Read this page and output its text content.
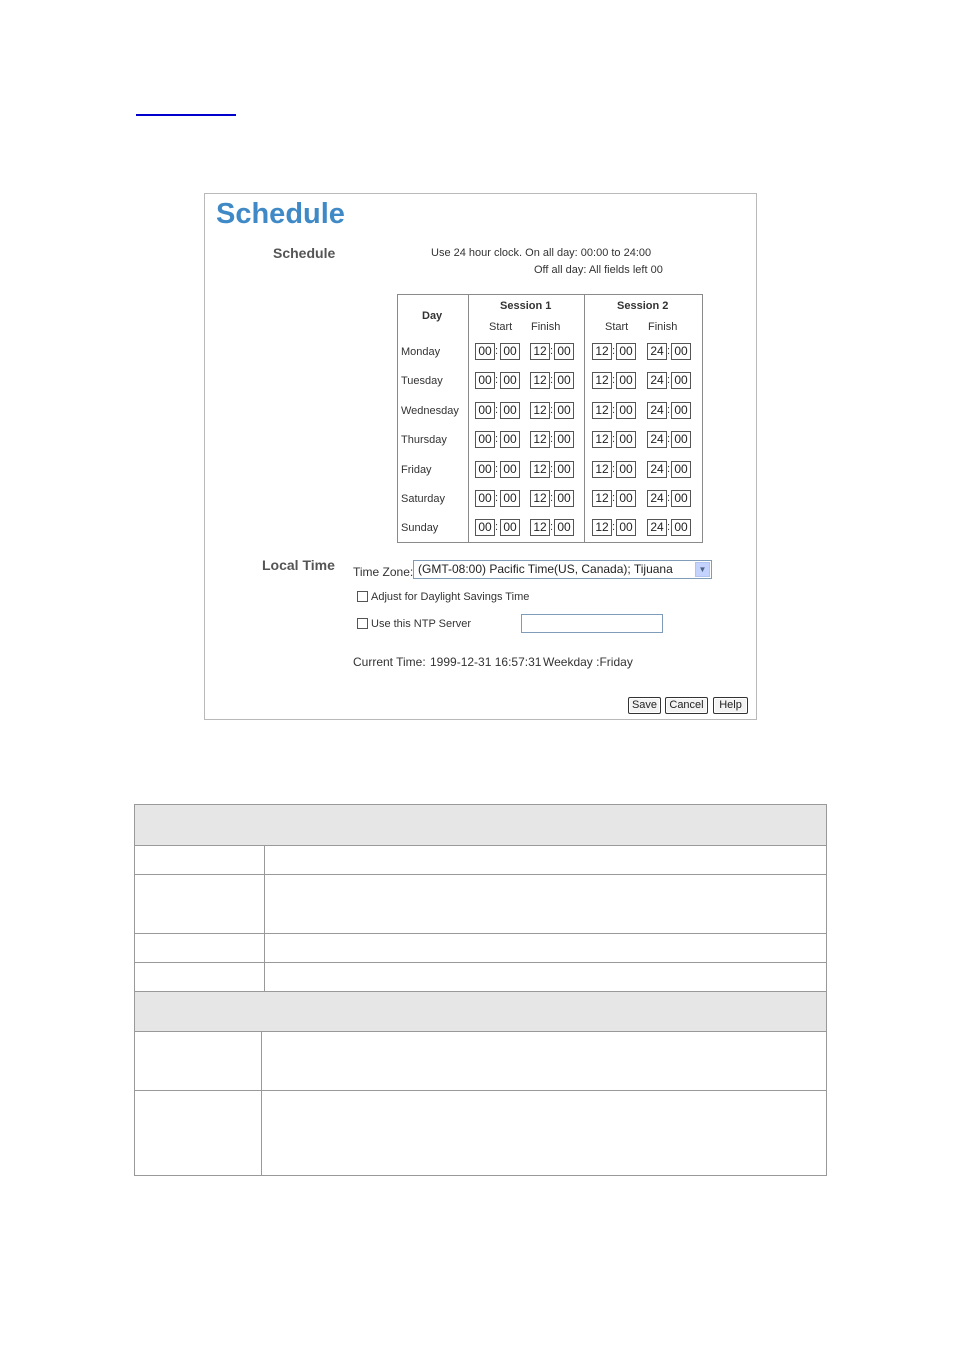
Schedule
Schedule	Use 24 hour clock. On all day: 00:00 to 24:00
Off all day: All fields left 00
Day
Session 1	Session 2
Start Finish	Start Finish
Monday	00 : 00 12 : 00 12 : 00 24 : 00
Tuesday	00 : 00 12 : 00 12 : 00 24 : 00
Wednesday 00 : 00 12 : 00 12 : 00 24 : 00
Thursday	00 : 00 12 : 00 12 : 00 24 : 00
Friday	00 : 00 12 : 00 12 : 00 24 : 00
Saturday	00 : 00 12 : 00 12 : 00 24 : 00
Sunday	00 : 00 12 : 00 12 : 00 24 : 00
Local Time Time Zone: (GMT-08:00) Pacific Time(US, Canada); Tijuana	▼
Adjust for Daylight Savings Time
Use this NTP Server
Current Time: 1999-12-31 16:57:31 Weekday :Friday
Save	Cancel	Help
